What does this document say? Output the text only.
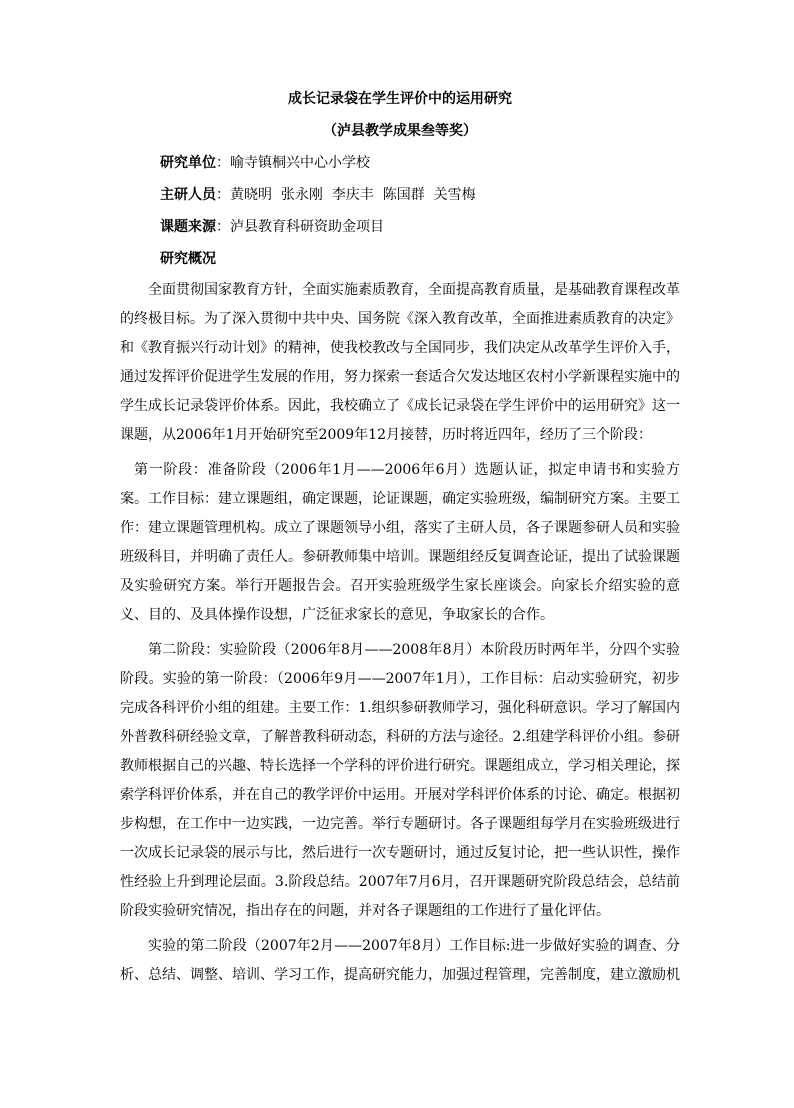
成长记录袋在学生评价中的运用研究
（泸县教学成果叁等奖）
研究单位：喻寺镇桐兴中心小学校
主研人员：黄晓明  张永刚  李庆丰  陈国群  关雪梅
课题来源：泸县教育科研资助金项目
研究概况

全面贯彻国家教育方针，全面实施素质教育，全面提高教育质量，是基础教育课程改革的终极目标。为了深入贯彻中共中央、国务院《深入教育改革，全面推进素质教育的决定》和《教育振兴行动计划》的精神，使我校教改与全国同步，我们决定从改革学生评价入手，通过发挥评价促进学生发展的作用，努力探索一套适合欠发达地区农村小学新课程实施中的学生成长记录袋评价体系。因此，我校确立了《成长记录袋在学生评价中的运用研究》这一课题，从2006年1月开始研究至2009年12月接替，历时将近四年，经历了三个阶段：

第一阶段：准备阶段（2006年1月——2006年6月）选题认证，拟定申请书和实验方案。工作目标：建立课题组，确定课题，论证课题，确定实验班级，编制研究方案。主要工作：建立课题管理机构。成立了课题领导小组，落实了主研人员，各子课题参研人员和实验班级科目，并明确了责任人。参研教师集中培训。课题组经反复调查论证，提出了试验课题及实验研究方案。举行开题报告会。召开实验班级学生家长座谈会。向家长介绍实验的意义、目的、及具体操作设想，广泛征求家长的意见，争取家长的合作。

第二阶段：实验阶段（2006年8月——2008年8月）本阶段历时两年半，分四个实验阶段。实验的第一阶段：（2006年9月——2007年1月），工作目标：启动实验研究，初步完成各科评价小组的组建。主要工作：1.组织参研教师学习，强化科研意识。学习了解国内外普教科研经验文章，了解普教科研动态，科研的方法与途径。2.组建学科评价小组。参研教师根据自己的兴趣、特长选择一个学科的评价进行研究。课题组成立，学习相关理论，探索学科评价体系，并在自己的教学评价中运用。开展对学科评价体系的讨论、确定。根据初步构想，在工作中一边实践，一边完善。举行专题研讨。各子课题组每学月在实验班级进行一次成长记录袋的展示与比，然后进行一次专题研讨，通过反复讨论，把一些认识性，操作性经验上升到理论层面。3.阶段总结。2007年7月6月，召开课题研究阶段总结会，总结前阶段实验研究情况，指出存在的问题，并对各子课题组的工作进行了量化评估。

实验的第二阶段（2007年2月——2007年8月）工作目标:进一步做好实验的调查、分析、总结、调整、培训、学习工作，提高研究能力，加强过程管理，完善制度，建立激励机
